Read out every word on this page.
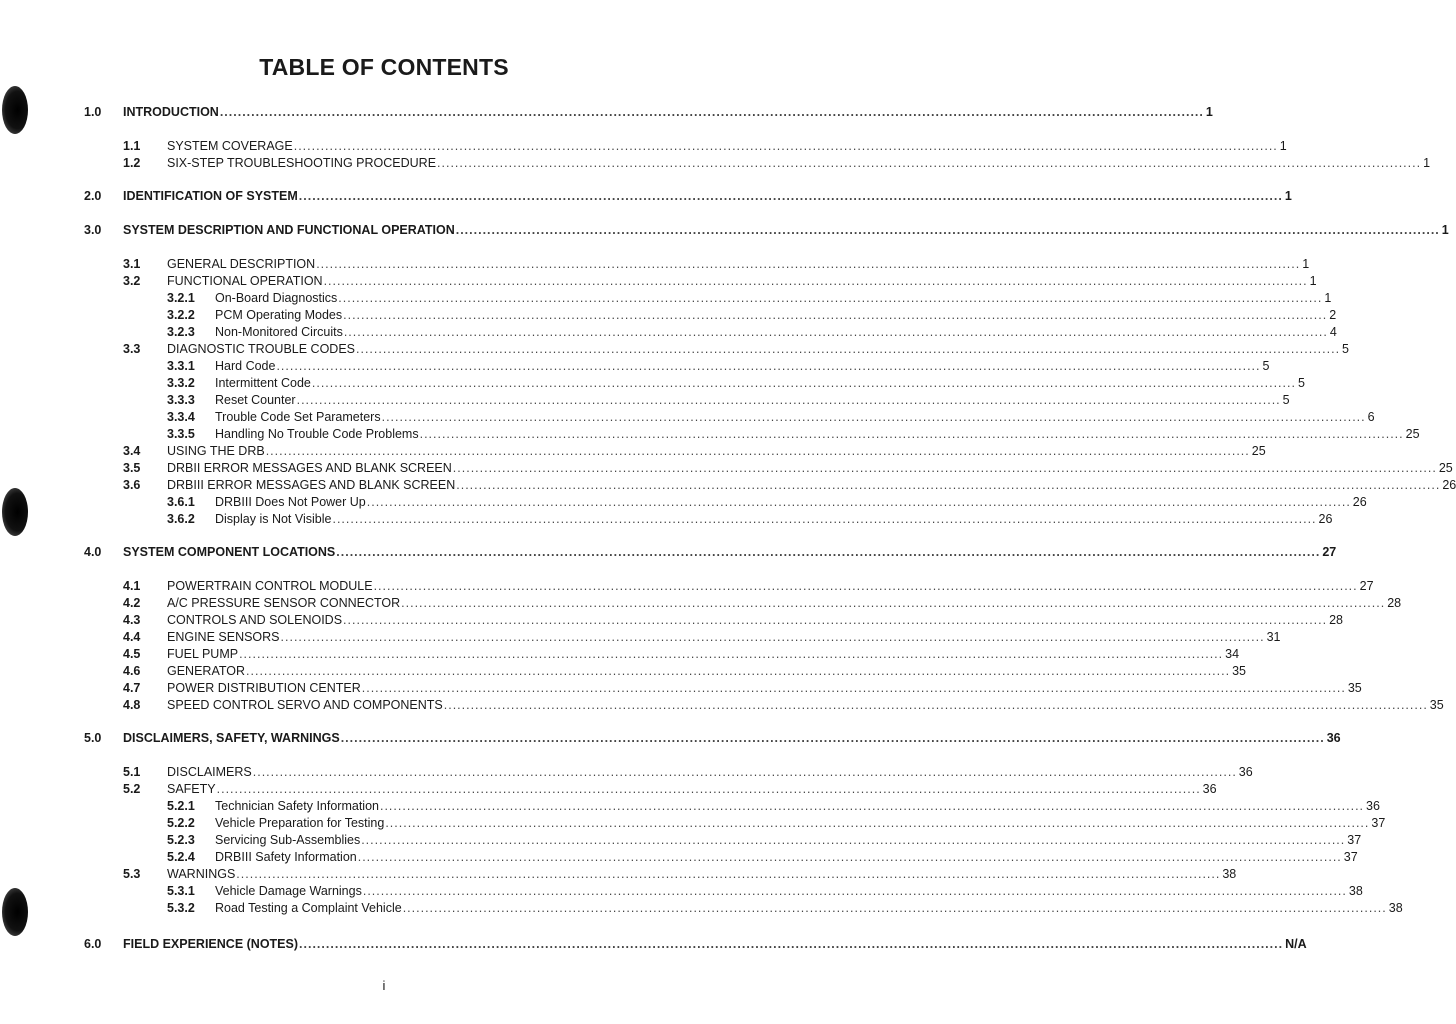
TABLE OF CONTENTS
1.0 INTRODUCTION ............................................................................................................................................................................................................................ 1
1.1 SYSTEM COVERAGE ............................................................................................................................................................................................................................ 1
1.2 SIX-STEP TROUBLESHOOTING PROCEDURE ............................................................................................................................................................................................................................ 1
2.0 IDENTIFICATION OF SYSTEM ............................................................................................................................................................................................................................ 1
3.0 SYSTEM DESCRIPTION AND FUNCTIONAL OPERATION ............................................................................................................................................................................................................................ 1
3.1 GENERAL DESCRIPTION ............................................................................................................................................................................................................................ 1
3.2 FUNCTIONAL OPERATION ............................................................................................................................................................................................................................ 1
3.2.1 On-Board Diagnostics ............................................................................................................................................................................................................................ 1
3.2.2 PCM Operating Modes ............................................................................................................................................................................................................................ 2
3.2.3 Non-Monitored Circuits ............................................................................................................................................................................................................................ 4
3.3 DIAGNOSTIC TROUBLE CODES ............................................................................................................................................................................................................................ 5
3.3.1 Hard Code ............................................................................................................................................................................................................................ 5
3.3.2 Intermittent Code ............................................................................................................................................................................................................................ 5
3.3.3 Reset Counter ............................................................................................................................................................................................................................ 5
3.3.4 Trouble Code Set Parameters ............................................................................................................................................................................................................................ 6
3.3.5 Handling No Trouble Code Problems ............................................................................................................................................................................................................................ 25
3.4 USING THE DRB ............................................................................................................................................................................................................................ 25
3.5 DRBII ERROR MESSAGES AND BLANK SCREEN ............................................................................................................................................................................................................................ 25
3.6 DRBIII ERROR MESSAGES AND BLANK SCREEN ............................................................................................................................................................................................................................ 26
3.6.1 DRBIII Does Not Power Up ............................................................................................................................................................................................................................ 26
3.6.2 Display is Not Visible ............................................................................................................................................................................................................................ 26
4.0 SYSTEM COMPONENT LOCATIONS ............................................................................................................................................................................................................................ 27
4.1 POWERTRAIN CONTROL MODULE ............................................................................................................................................................................................................................ 27
4.2 A/C PRESSURE SENSOR CONNECTOR ............................................................................................................................................................................................................................ 28
4.3 CONTROLS AND SOLENOIDS ............................................................................................................................................................................................................................ 28
4.4 ENGINE SENSORS ............................................................................................................................................................................................................................ 31
4.5 FUEL PUMP ............................................................................................................................................................................................................................ 34
4.6 GENERATOR ............................................................................................................................................................................................................................ 35
4.7 POWER DISTRIBUTION CENTER ............................................................................................................................................................................................................................ 35
4.8 SPEED CONTROL SERVO AND COMPONENTS ............................................................................................................................................................................................................................ 35
5.0 DISCLAIMERS, SAFETY, WARNINGS ............................................................................................................................................................................................................................ 36
5.1 DISCLAIMERS ............................................................................................................................................................................................................................ 36
5.2 SAFETY ............................................................................................................................................................................................................................ 36
5.2.1 Technician Safety Information ............................................................................................................................................................................................................................ 36
5.2.2 Vehicle Preparation for Testing ............................................................................................................................................................................................................................ 37
5.2.3 Servicing Sub-Assemblies ............................................................................................................................................................................................................................ 37
5.2.4 DRBIII Safety Information ............................................................................................................................................................................................................................ 37
5.3 WARNINGS ............................................................................................................................................................................................................................ 38
5.3.1 Vehicle Damage Warnings ............................................................................................................................................................................................................................ 38
5.3.2 Road Testing a Complaint Vehicle ............................................................................................................................................................................................................................ 38
6.0 FIELD EXPERIENCE (NOTES) ............................................................................................................................................................................................................................ N/A
i
